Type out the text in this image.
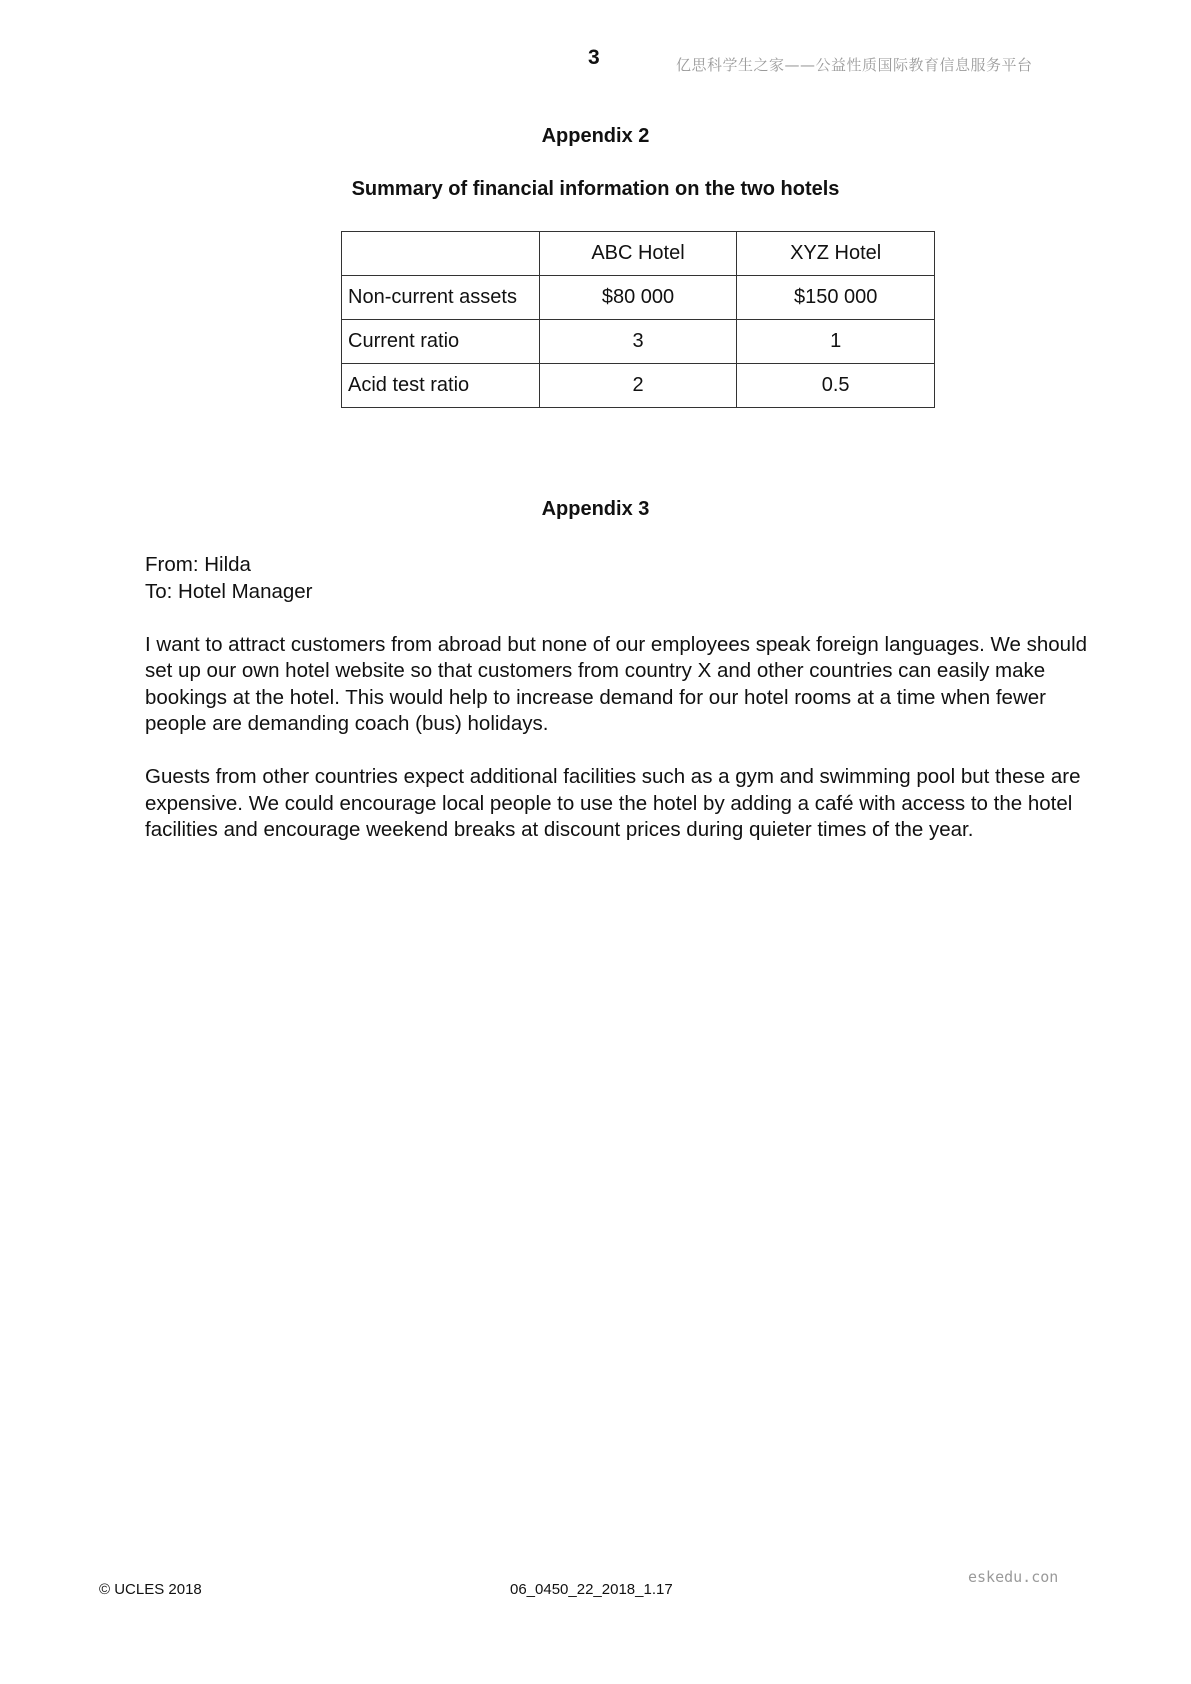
3	亿思科学生之家——公益性质国际教育信息服务平台
Appendix 2
Summary of financial information on the two hotels
	ABC Hotel	XYZ Hotel
Non-current assets	$80 000	$150 000
Current ratio	3	1
Acid test ratio	2	0.5
Appendix 3

From: Hilda

To: Hotel Manager

I want to attract customers from abroad but none of our employees speak foreign languages. We should set up our own hotel website so that customers from country X and other countries can easily make bookings at the hotel. This would help to increase demand for our hotel rooms at a time when fewer people are demanding coach (bus) holidays.

Guests from other countries expect additional facilities such as a gym and swimming pool but these are expensive. We could encourage local people to use the hotel by adding a café with access to the hotel facilities and encourage weekend breaks at discount prices during quieter times of the year.

© UCLES 2018	06_0450_22_2018_1.17
eskedu.con
